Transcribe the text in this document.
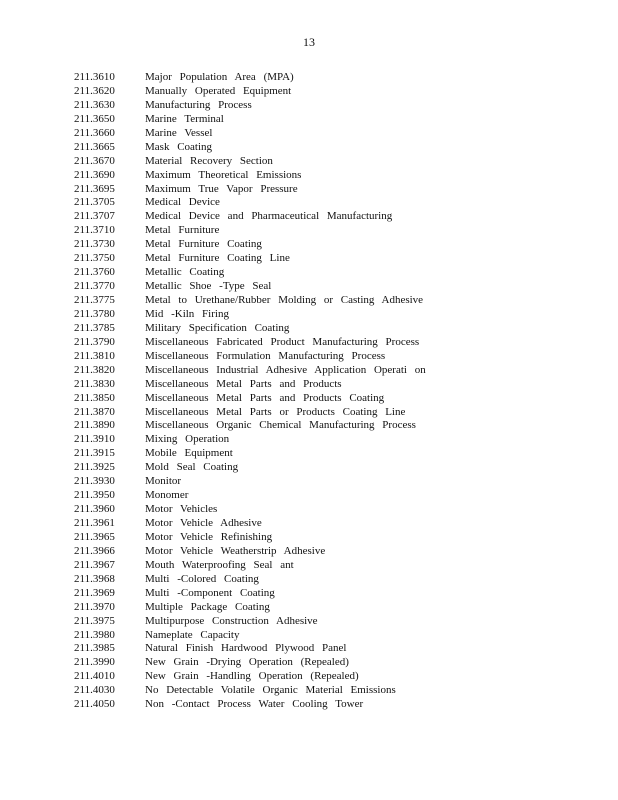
13
211.3610	Major Population Area (MPA)
211.3620	Manually Operated Equipment
211.3630	Manufacturing Process
211.3650	Marine Terminal
211.3660	Marine Vessel
211.3665	Mask Coating
211.3670	Material Recovery Section
211.3690	Maximum Theoretical Emissions
211.3695	Maximum True Vapor Pressure
211.3705	Medical Device
211.3707	Medical Device and Pharmaceutical Manufacturing
211.3710	Metal Furniture
211.3730	Metal Furniture Coating
211.3750	Metal Furniture Coating Line
211.3760	Metallic Coating
211.3770	Metallic Shoe -Type Seal
211.3775	Metal to Urethane/Rubber Molding or Casting Adhesive
211.3780	Mid -Kiln Firing
211.3785	Military Specification Coating
211.3790	Miscellaneous Fabricated Product Manufacturing Process
211.3810	Miscellaneous Formulation Manufacturing Process
211.3820	Miscellaneous Industrial Adhesive Application Operati on
211.3830	Miscellaneous Metal Parts and Products
211.3850	Miscellaneous Metal Parts and Products Coating
211.3870	Miscellaneous Metal Parts or Products Coating Line
211.3890	Miscellaneous Organic Chemical Manufacturing Process
211.3910	Mixing Operation
211.3915	Mobile Equipment
211.3925	Mold Seal Coating
211.3930	Monitor
211.3950	Monomer
211.3960	Motor Vehicles
211.3961	Motor Vehicle Adhesive
211.3965	Motor Vehicle Refinishing
211.3966	Motor Vehicle Weatherstrip Adhesive
211.3967	Mouth Waterproofing Seal ant
211.3968	Multi -Colored Coating
211.3969	Multi -Component Coating
211.3970	Multiple Package Coating
211.3975	Multipurpose Construction Adhesive
211.3980	Nameplate Capacity
211.3985	Natural Finish Hardwood Plywood Panel
211.3990	New Grain -Drying Operation (Repealed)
211.4010	New Grain -Handling Operation (Repealed)
211.4030	No Detectable Volatile Organic Material Emissions
211.4050	Non -Contact Process Water Cooling Tower
